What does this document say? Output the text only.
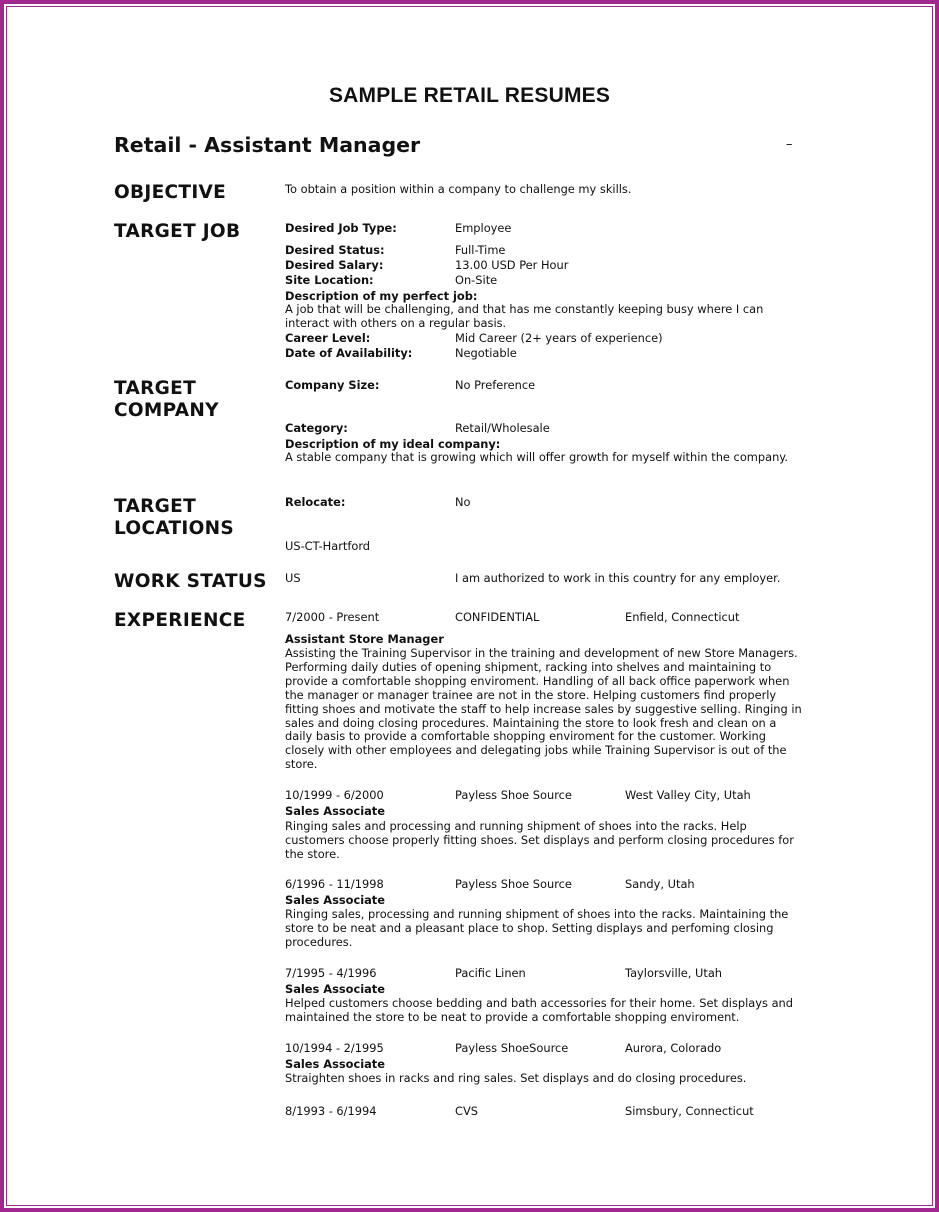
SAMPLE RETAIL RESUMES
Retail - Assistant Manager	–
OBJECTIVE	To obtain a position within a company to challenge my skills.
TARGET JOB	Desired Job Type:	Employee
Desired Status:	Full-Time
Desired Salary:	13.00 USD Per Hour
Site Location:	On-Site
Description of my perfect job:
A job that will be challenging, and that has me constantly keeping busy where I can interact with others on a regular basis.
Career Level:	Mid Career (2+ years of experience)
Date of Availability:	Negotiable
TARGET
COMPANY
Company Size:	No Preference
Category:	Retail/Wholesale
Description of my ideal company:
A stable company that is growing which will offer growth for myself within the company.
TARGET
LOCATIONS
Relocate:	No
US-CT-Hartford
WORK STATUS US	I am authorized to work in this country for any employer.
EXPERIENCE	7/2000 - Present	CONFIDENTIAL	Enfield, Connecticut
Assistant Store Manager
Assisting the Training Supervisor in the training and development of new Store Managers. Performing daily duties of opening shipment, racking into shelves and maintaining to provide a comfortable shopping enviroment. Handling of all back office paperwork when the manager or manager trainee are not in the store. Helping customers find properly fitting shoes and motivate the staff to help increase sales by suggestive selling. Ringing in sales and doing closing procedures. Maintaining the store to look fresh and clean on a daily basis to provide a comfortable shopping enviroment for the customer. Working closely with other employees and delegating jobs while Training Supervisor is out of the store.
10/1999 - 6/2000	Payless Shoe Source	West Valley City, Utah
Sales Associate
Ringing sales and processing and running shipment of shoes into the racks. Help customers choose properly fitting shoes. Set displays and perform closing procedures for the store.
6/1996 - 11/1998	Payless Shoe Source	Sandy, Utah
Sales Associate
Ringing sales, processing and running shipment of shoes into the racks. Maintaining the store to be neat and a pleasant place to shop. Setting displays and perfoming closing procedures.
7/1995 - 4/1996	Pacific Linen	Taylorsville, Utah
Sales Associate
Helped customers choose bedding and bath accessories for their home. Set displays and maintained the store to be neat to provide a comfortable shopping enviroment.
10/1994 - 2/1995	Payless ShoeSource	Aurora, Colorado
Sales Associate
Straighten shoes in racks and ring sales. Set displays and do closing procedures.
8/1993 - 6/1994	CVS	Simsbury, Connecticut
